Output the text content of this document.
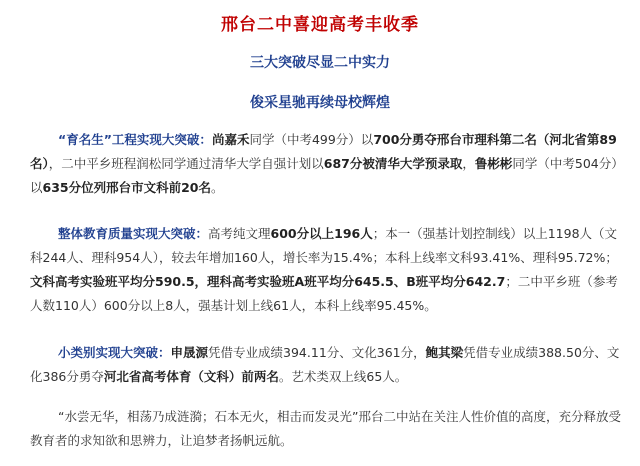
邢台二中喜迎高考丰收季
三大突破尽显二中实力
俊采星驰再续母校辉煌
“育名生”工程实现大突破：尚嘉禾同学（中考499分）以700分勇夺邢台市理科第二名（河北省第89名），二中平乡班程润松同学通过清华大学自强计划以687分被清华大学预录取，鲁彬彬同学（中考504分）以635分位列邢台市文科前20名。
整体教育质量实现大突破：高考纯文理600分以上196人；本一（强基计划控制线）以上1198人（文科244人、理科954人），较去年增加160人，增长率为15.4%；本科上线率文科93.41%、理科95.72%；文科高考实验班平均分590.5，理科高考实验班A班平均分645.5、B班平均分642.7；二中平乡班（参考人数110人）600分以上8人，强基计划上线61人，本科上线率95.45%。
小类别实现大突破：申晟源凭借专业成绩394.11分、文化361分，鲍其梁凭借专业成绩388.50分、文化386分勇夺河北省高考体育（文科）前两名。艺术类双上线65人。
“水尝无华，相荡乃成涟漪；石本无火，相击而发灵光”邢台二中站在关注人性价值的高度，充分释放受教育者的求知欲和思辨力，让追梦者扬帆远航。
